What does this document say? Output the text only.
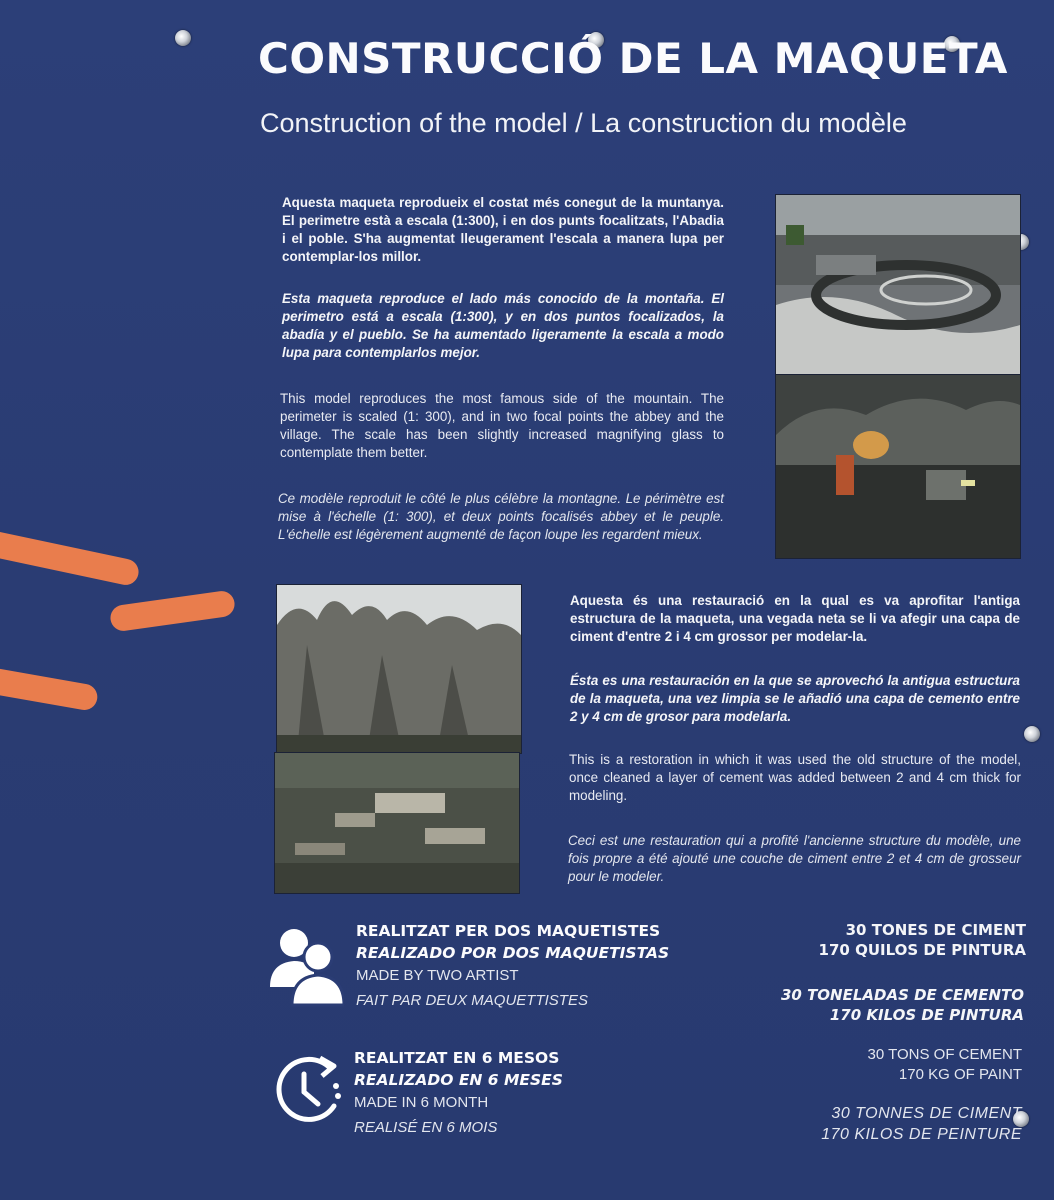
CONSTRUCCIÓ DE LA MAQUETA
Construction of the model / La construction du modèle
Aquesta maqueta reprodueix el costat més conegut de la muntanya. El perimetre està a escala (1:300), i en dos punts focalitzats, l'Abadia i el poble. S'ha augmentat lleugerament l'escala a manera lupa per contemplar-los millor.
Esta maqueta reproduce el lado más conocido de la montaña. El perimetro está a escala (1:300), y en dos puntos focalizados, la abadía y el pueblo. Se ha aumentado ligeramente la escala a modo lupa para contemplarlos mejor.
This model reproduces the most famous side of the mountain. The perimeter is scaled (1: 300), and in two focal points the abbey and the village. The scale has been slightly increased magnifying glass to contemplate them better.
Ce modèle reproduit le côté le plus célèbre la montagne. Le périmètre est mise à l'échelle (1: 300), et deux points focalisés abbey et le peuple. L'échelle est légèrement augmenté de façon loupe les regardent mieux.
Aquesta és una restauració en la qual es va aprofitar l'antiga estructura de la maqueta, una vegada neta se li va afegir una capa de ciment d'entre 2 i 4 cm grossor per modelar-la.
Ésta es una restauración en la que se aprovechó la antigua estructura de la maqueta, una vez limpia se le añadió una capa de cemento entre 2 y 4 cm de grosor para modelarla.
This is a restoration in which it was used the old structure of the model, once cleaned a layer of cement was added between 2 and 4 cm thick for modeling.
Ceci est une restauration qui a profité l'ancienne structure du modèle, une fois propre a été ajouté une couche de ciment entre 2 et 4 cm de grosseur pour le modeler.
REALITZAT PER DOS MAQUETISTES
REALIZADO POR DOS MAQUETISTAS
MADE BY TWO ARTIST
FAIT PAR DEUX MAQUETTISTES
REALITZAT EN 6 MESOS
REALIZADO EN 6 MESES
MADE IN 6 MONTH
REALISÉ EN 6 MOIS
30 TONES DE CIMENT
170 QUILOS DE PINTURA
30 TONELADAS DE CEMENTO
170 KILOS DE PINTURA
30 TONS OF CEMENT
170 KG OF PAINT
30 TONNES DE CIMENT
170 KILOS DE PEINTURE
